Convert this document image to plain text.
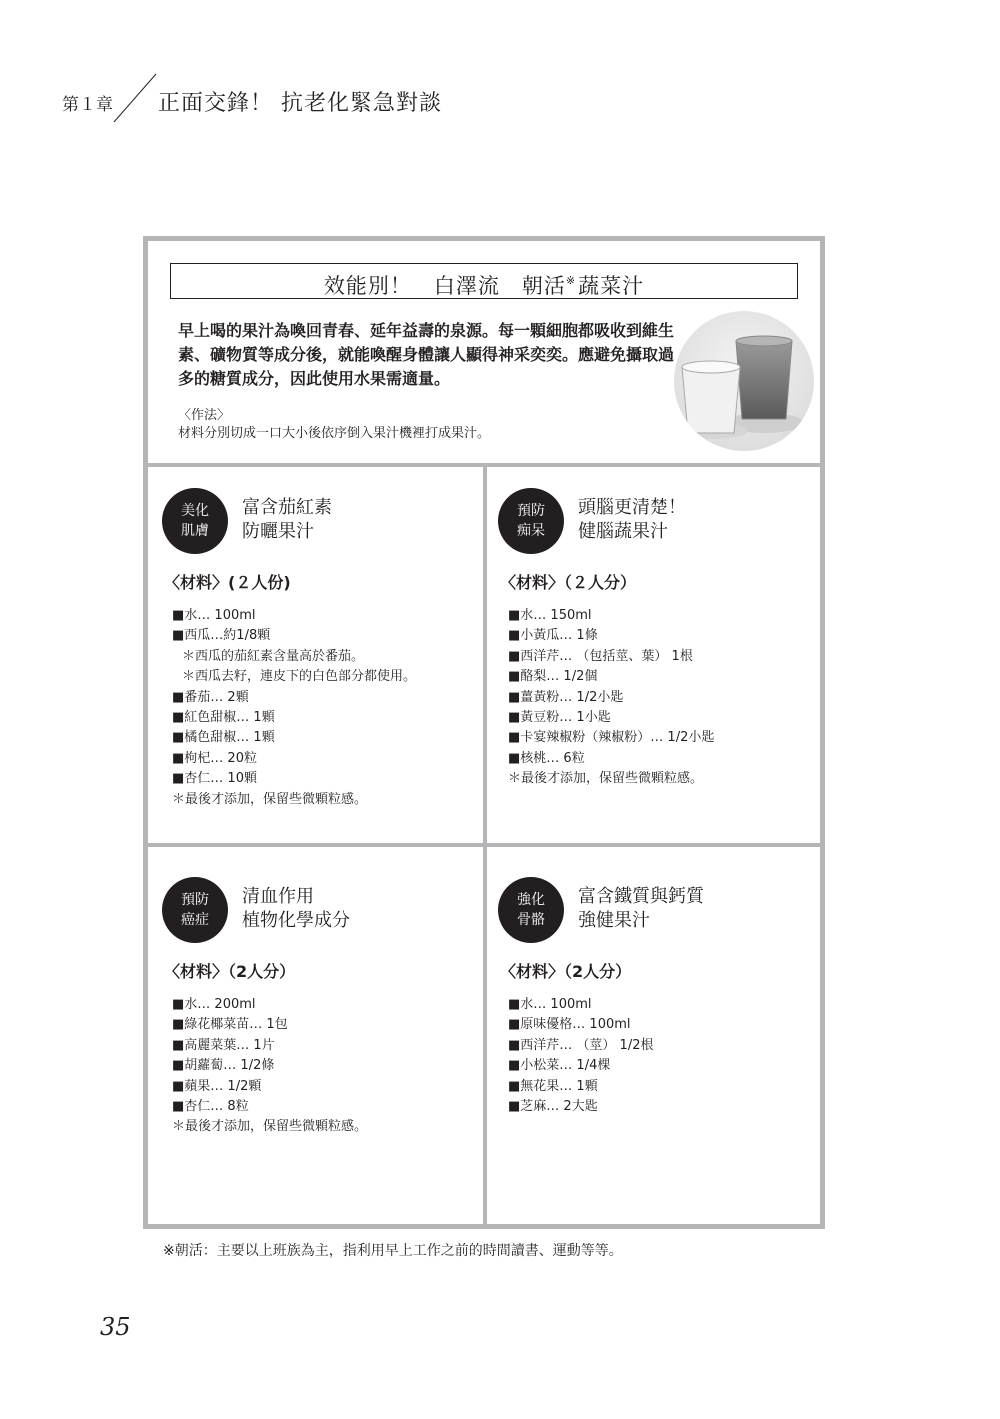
第１章 正面交鋒！ 抗老化緊急對談
效能別！　白澤流　朝活※蔬菜汁
早上喝的果汁為喚回青春、延年益壽的泉源。每一顆細胞都吸收到維生
素、礦物質等成分後，就能喚醒身體讓人顯得神采奕奕。應避免攝取過
多的糖質成分，因此使用水果需適量。
〈作法〉
材料分別切成一口大小後依序倒入果汁機裡打成果汁。
美化
肌膚
富含茄紅素
防曬果汁
〈材料〉(２人份)
■ 水… 100ml
■ 西瓜…約1/8顆
＊西瓜的茄紅素含量高於番茄。
＊西瓜去籽，連皮下的白色部分都使用。
■ 番茄… 2顆
■ 紅色甜椒… 1顆
■ 橘色甜椒… 1顆
■ 枸杞… 20粒
■ 杏仁… 10顆
＊最後才添加，保留些微顆粒感。
預防
痴呆
頭腦更清楚！
健腦蔬果汁
〈材料〉（２人分）
■ 水… 150ml
■ 小黃瓜… 1條
■ 西洋芹… （包括莖、葉） 1根
■ 酪梨… 1/2個
■ 薑黃粉… 1/2小匙
■ 黃豆粉… 1小匙
■ 卡宴辣椒粉（辣椒粉）… 1/2小匙
■ 核桃… 6粒
＊最後才添加，保留些微顆粒感。
預防
癌症
清血作用
植物化學成分
〈材料〉（2人分）
■ 水… 200ml
■ 綠花椰菜苗… 1包
■ 高麗菜葉… 1片
■ 胡蘿蔔… 1/2條
■ 蘋果… 1/2顆
■ 杏仁… 8粒
＊最後才添加，保留些微顆粒感。
強化
骨骼
富含鐵質與鈣質
強健果汁
〈材料〉（2人分）
■ 水… 100ml
■ 原味優格… 100ml
■ 西洋芹… （莖） 1/2根
■ 小松菜… 1/4棵
■ 無花果… 1顆
■ 芝麻… 2大匙
※朝活：主要以上班族為主，指利用早上工作之前的時間讀書、運動等等。
35
